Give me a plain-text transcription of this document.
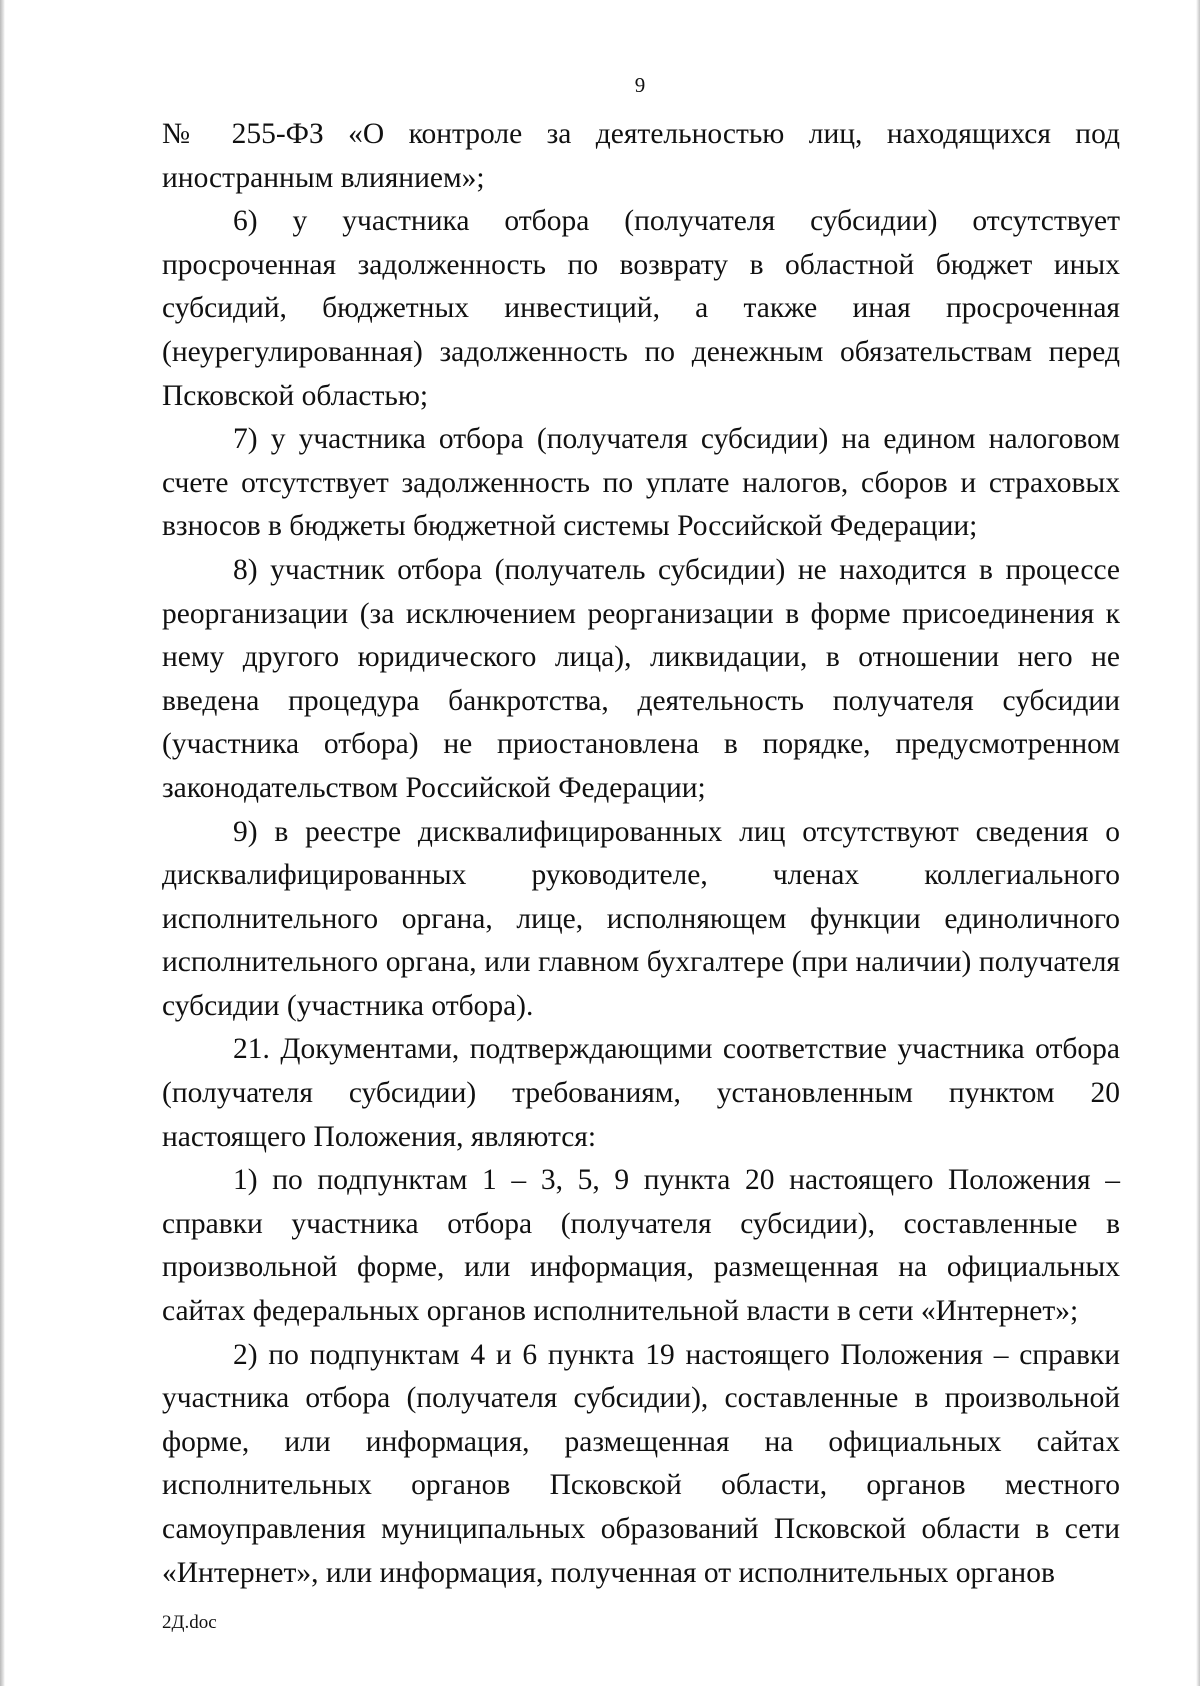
9

№ 255-ФЗ «О контроле за деятельностью лиц, находящихся под иностранным влиянием»;

6) у участника отбора (получателя субсидии) отсутствует просроченная задолженность по возврату в областной бюджет иных субсидий, бюджетных инвестиций, а также иная просроченная (неурегулированная) задолженность по денежным обязательствам перед Псковской областью;

7) у участника отбора (получателя субсидии) на едином налоговом счете отсутствует задолженность по уплате налогов, сборов и страховых взносов в бюджеты бюджетной системы Российской Федерации;

8) участник отбора (получатель субсидии) не находится в процессе реорганизации (за исключением реорганизации в форме присоединения к нему другого юридического лица), ликвидации, в отношении него не введена процедура банкротства, деятельность получателя субсидии (участника отбора) не приостановлена в порядке, предусмотренном законодательством Российской Федерации;

9) в реестре дисквалифицированных лиц отсутствуют сведения о дисквалифицированных руководителе, членах коллегиального исполнительного органа, лице, исполняющем функции единоличного исполнительного органа, или главном бухгалтере (при наличии) получателя субсидии (участника отбора).

21. Документами, подтверждающими соответствие участника отбора (получателя субсидии) требованиям, установленным пунктом 20 настоящего Положения, являются:

1) по подпунктам 1 – 3, 5, 9 пункта 20 настоящего Положения – справки участника отбора (получателя субсидии), составленные в произвольной форме, или информация, размещенная на официальных сайтах федеральных органов исполнительной власти в сети «Интернет»;

2) по подпунктам 4 и 6 пункта 19 настоящего Положения – справки участника отбора (получателя субсидии), составленные в произвольной форме, или информация, размещенная на официальных сайтах исполнительных органов Псковской области, органов местного самоуправления муниципальных образований Псковской области в сети «Интернет», или информация, полученная от исполнительных органов

2Д.doc
